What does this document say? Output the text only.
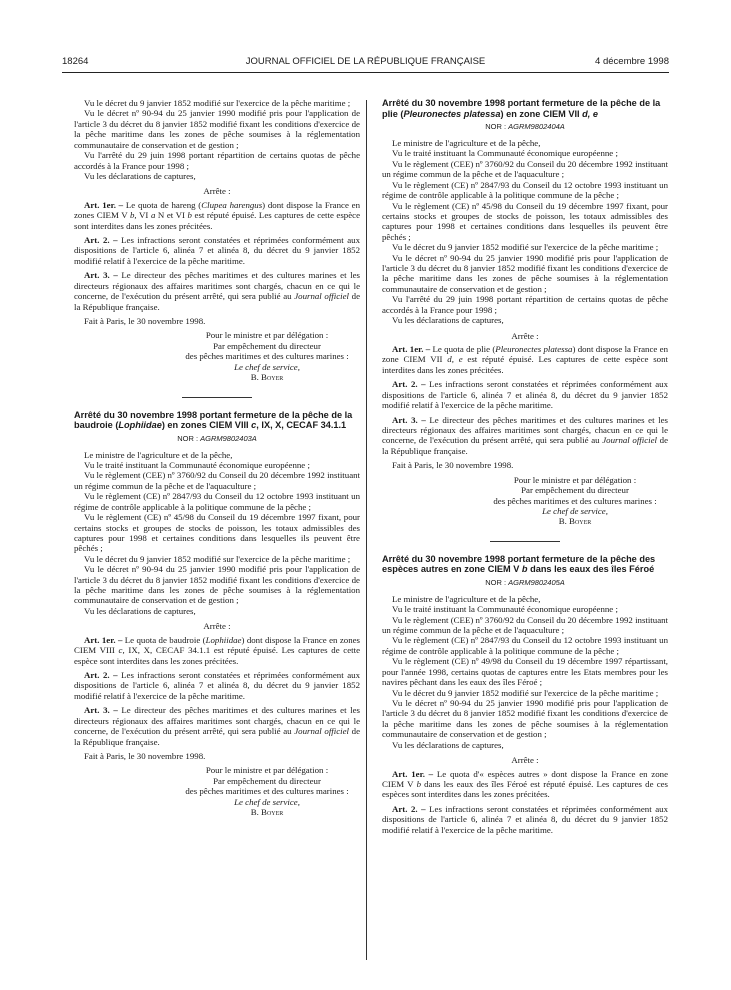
18264	JOURNAL OFFICIEL DE LA RÉPUBLIQUE FRANÇAISE	4 décembre 1998

Vu le décret du 9 janvier 1852 modifié sur l'exercice de la pêche maritime ;

Vu le décret nº 90-94 du 25 janvier 1990 modifié pris pour l'application de l'article 3 du décret du 8 janvier 1852 modifié fixant les conditions d'exercice de la pêche maritime dans les zones de pêche soumises à la réglementation communautaire de conservation et de gestion ;

Vu l'arrêté du 29 juin 1998 portant répartition de certains quotas de pêche accordés à la France pour 1998 ;

Vu les déclarations de captures,

Arrête :

Art. 1er. – Le quota de hareng (Clupea harengus) dont dispose la France en zones CIEM V b, VI a N et VI b est réputé épuisé. Les captures de cette espèce sont interdites dans les zones précitées.

Art. 2. – Les infractions seront constatées et réprimées conformément aux dispositions de l'article 6, alinéa 7 et alinéa 8, du décret du 9 janvier 1852 modifié relatif à l'exercice de la pêche maritime.

Art. 3. – Le directeur des pêches maritimes et des cultures marines et les directeurs régionaux des affaires maritimes sont chargés, chacun en ce qui le concerne, de l'exécution du présent arrêté, qui sera publié au Journal officiel de la République française.

Fait à Paris, le 30 novembre 1998.

Pour le ministre et par délégation :
Par empêchement du directeur
des pêches maritimes et des cultures marines :
Le chef de service,
B. Boyer

Arrêté du 30 novembre 1998 portant fermeture de la pêche de la baudroie (Lophiidae) en zones CIEM VIII c, IX, X, CECAF 34.1.1

NOR : AGRM9802403A

Le ministre de l'agriculture et de la pêche,

Vu le traité instituant la Communauté économique européenne ;

Vu le règlement (CEE) nº 3760/92 du Conseil du 20 décembre 1992 instituant un régime commun de la pêche et de l'aquaculture ;

Vu le règlement (CE) nº 2847/93 du Conseil du 12 octobre 1993 instituant un régime de contrôle applicable à la politique commune de la pêche ;

Vu le règlement (CE) nº 45/98 du Conseil du 19 décembre 1997 fixant, pour certains stocks et groupes de stocks de poisson, les totaux admissibles des captures pour 1998 et certaines conditions dans lesquelles ils peuvent être pêchés ;

Vu le décret du 9 janvier 1852 modifié sur l'exercice de la pêche maritime ;

Vu le décret nº 90-94 du 25 janvier 1990 modifié pris pour l'application de l'article 3 du décret du 8 janvier 1852 modifié fixant les conditions d'exercice de la pêche maritime dans les zones de pêche soumises à la réglementation communautaire de conservation et de gestion ;

Vu les déclarations de captures,

Arrête :

Art. 1er. – Le quota de baudroie (Lophiidae) dont dispose la France en zones CIEM VIII c, IX, X, CECAF 34.1.1 est réputé épuisé. Les captures de cette espèce sont interdites dans les zones précitées.

Art. 2. – Les infractions seront constatées et réprimées conformément aux dispositions de l'article 6, alinéa 7 et alinéa 8, du décret du 9 janvier 1852 modifié relatif à l'exercice de la pêche maritime.

Art. 3. – Le directeur des pêches maritimes et des cultures marines et les directeurs régionaux des affaires maritimes sont chargés, chacun en ce qui le concerne, de l'exécution du présent arrêté, qui sera publié au Journal officiel de la République française.

Fait à Paris, le 30 novembre 1998.

Pour le ministre et par délégation :
Par empêchement du directeur
des pêches maritimes et des cultures marines :
Le chef de service,
B. Boyer

Arrêté du 30 novembre 1998 portant fermeture de la pêche de la plie (Pleuronectes platessa) en zone CIEM VII d, e

NOR : AGRM9802404A

Le ministre de l'agriculture et de la pêche,

Vu le traité instituant la Communauté économique européenne ;

Vu le règlement (CEE) nº 3760/92 du Conseil du 20 décembre 1992 instituant un régime commun de la pêche et de l'aquaculture ;

Vu le règlement (CE) nº 2847/93 du Conseil du 12 octobre 1993 instituant un régime de contrôle applicable à la politique commune de la pêche ;

Vu le règlement (CE) nº 45/98 du Conseil du 19 décembre 1997 fixant, pour certains stocks et groupes de stocks de poisson, les totaux admissibles des captures pour 1998 et certaines conditions dans lesquelles ils peuvent être pêchés ;

Vu le décret du 9 janvier 1852 modifié sur l'exercice de la pêche maritime ;

Vu le décret nº 90-94 du 25 janvier 1990 modifié pris pour l'application de l'article 3 du décret du 8 janvier 1852 modifié fixant les conditions d'exercice de la pêche maritime dans les zones de pêche soumises à la réglementation communautaire de conservation et de gestion ;

Vu l'arrêté du 29 juin 1998 portant répartition de certains quotas de pêche accordés à la France pour 1998 ;

Vu les déclarations de captures,

Arrête :

Art. 1er. – Le quota de plie (Pleuronectes platessa) dont dispose la France en zone CIEM VII d, e est réputé épuisé. Les captures de cette espèce sont interdites dans les zones précitées.

Art. 2. – Les infractions seront constatées et réprimées conformément aux dispositions de l'article 6, alinéa 7 et alinéa 8, du décret du 9 janvier 1852 modifié relatif à l'exercice de la pêche maritime.

Art. 3. – Le directeur des pêches maritimes et des cultures marines et les directeurs régionaux des affaires maritimes sont chargés, chacun en ce qui le concerne, de l'exécution du présent arrêté, qui sera publié au Journal officiel de la République française.

Fait à Paris, le 30 novembre 1998.

Pour le ministre et par délégation :
Par empêchement du directeur
des pêches maritimes et des cultures marines :
Le chef de service,
B. Boyer

Arrêté du 30 novembre 1998 portant fermeture de la pêche des espèces autres en zone CIEM V b dans les eaux des îles Féroé

NOR : AGRM9802405A

Le ministre de l'agriculture et de la pêche,

Vu le traité instituant la Communauté économique européenne ;

Vu le règlement (CEE) nº 3760/92 du Conseil du 20 décembre 1992 instituant un régime commun de la pêche et de l'aquaculture ;

Vu le règlement (CE) nº 2847/93 du Conseil du 12 octobre 1993 instituant un régime de contrôle applicable à la politique commune de la pêche ;

Vu le règlement (CE) nº 49/98 du Conseil du 19 décembre 1997 répartissant, pour l'année 1998, certains quotas de captures entre les Etats membres pour les navires pêchant dans les eaux des îles Féroé ;

Vu le décret du 9 janvier 1852 modifié sur l'exercice de la pêche maritime ;

Vu le décret nº 90-94 du 25 janvier 1990 modifié pris pour l'application de l'article 3 du décret du 8 janvier 1852 modifié fixant les conditions d'exercice de la pêche maritime dans les zones de pêche soumises à la réglementation communautaire de conservation et de gestion ;

Vu les déclarations de captures,

Arrête :

Art. 1er. – Le quota d'« espèces autres » dont dispose la France en zone CIEM V b dans les eaux des îles Féroé est réputé épuisé. Les captures de ces espèces sont interdites dans les zones précitées.

Art. 2. – Les infractions seront constatées et réprimées conformément aux dispositions de l'article 6, alinéa 7 et alinéa 8, du décret du 9 janvier 1852 modifié relatif à l'exercice de la pêche maritime.
